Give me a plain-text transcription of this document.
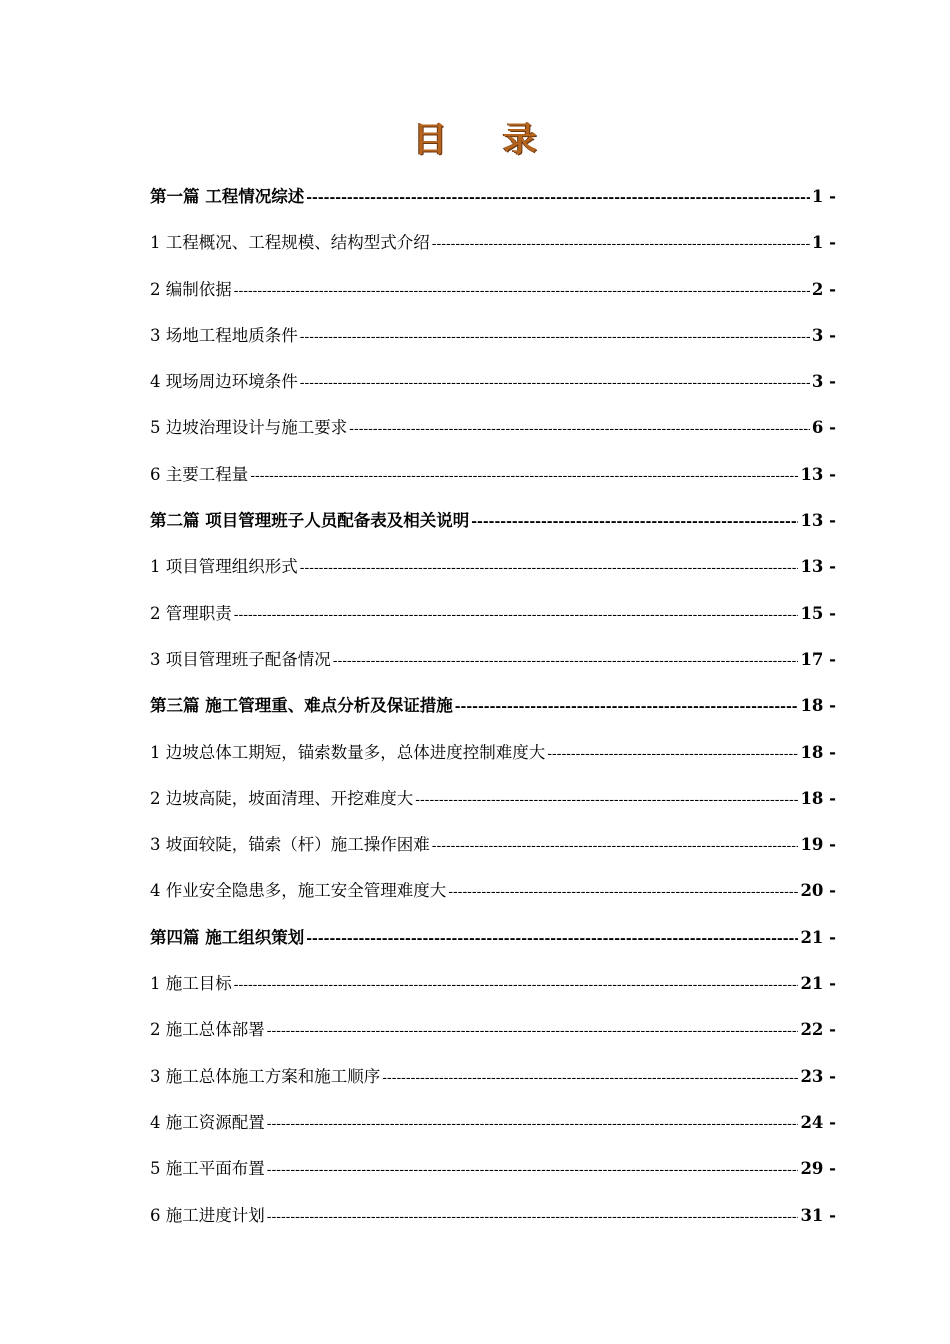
目 录
第一篇 工程情况综述 -----	1 -
1 工程概况、工程规模、结构型式介绍 -----	1 -
2 编制依据 -----	2 -
3 场地工程地质条件 -----	3 -
4 现场周边环境条件 -----	3 -
5 边坡治理设计与施工要求 -----	6 -
6 主要工程量 -----	13 -
第二篇 项目管理班子人员配备表及相关说明 -----	13 -
1 项目管理组织形式 -----	13 -
2 管理职责 -----	15 -
3 项目管理班子配备情况 -----	17 -
第三篇 施工管理重、难点分析及保证措施 -----	18 -
1 边坡总体工期短，锚索数量多，总体进度控制难度大 -----	18 -
2 边坡高陡，坡面清理、开挖难度大 -----	18 -
3 坡面较陡，锚索（杆）施工操作困难 -----	19 -
4 作业安全隐患多，施工安全管理难度大 -----	20 -
第四篇 施工组织策划 -----	21 -
1 施工目标 -----	21 -
2 施工总体部署 -----	22 -
3 施工总体施工方案和施工顺序 -----	23 -
4 施工资源配置 -----	24 -
5 施工平面布置 -----	29 -
6 施工进度计划 -----	31 -
